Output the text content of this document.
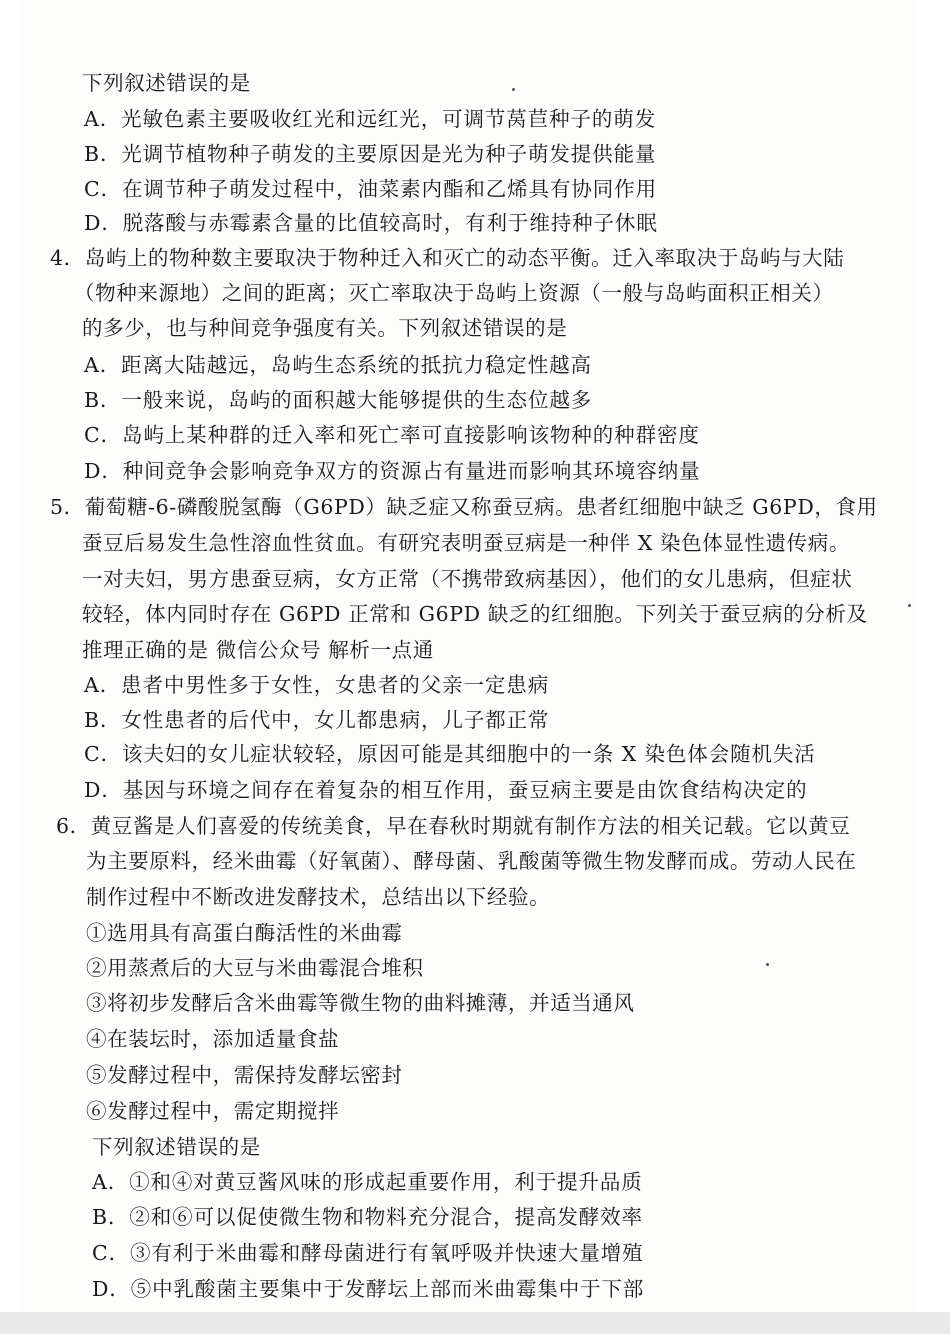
下列叙述错误的是
A．光敏色素主要吸收红光和远红光，可调节莴苣种子的萌发
B．光调节植物种子萌发的主要原因是光为种子萌发提供能量
C．在调节种子萌发过程中，油菜素内酯和乙烯具有协同作用
D．脱落酸与赤霉素含量的比值较高时，有利于维持种子休眠
4．岛屿上的物种数主要取决于物种迁入和灭亡的动态平衡。迁入率取决于岛屿与大陆
（物种来源地）之间的距离；灭亡率取决于岛屿上资源（一般与岛屿面积正相关）
的多少，也与种间竞争强度有关。下列叙述错误的是
A．距离大陆越远，岛屿生态系统的抵抗力稳定性越高
B．一般来说，岛屿的面积越大能够提供的生态位越多
C．岛屿上某种群的迁入率和死亡率可直接影响该物种的种群密度
D．种间竞争会影响竞争双方的资源占有量进而影响其环境容纳量
5．葡萄糖-6-磷酸脱氢酶（G6PD）缺乏症又称蚕豆病。患者红细胞中缺乏 G6PD，食用
蚕豆后易发生急性溶血性贫血。有研究表明蚕豆病是一种伴 X 染色体显性遗传病。
一对夫妇，男方患蚕豆病，女方正常（不携带致病基因），他们的女儿患病，但症状
较轻，体内同时存在 G6PD 正常和 G6PD 缺乏的红细胞。下列关于蚕豆病的分析及
推理正确的是 微信公众号 解析一点通
A．患者中男性多于女性，女患者的父亲一定患病
B．女性患者的后代中，女儿都患病，儿子都正常
C．该夫妇的女儿症状较轻，原因可能是其细胞中的一条 X 染色体会随机失活
D．基因与环境之间存在着复杂的相互作用，蚕豆病主要是由饮食结构决定的
6．黄豆酱是人们喜爱的传统美食，早在春秋时期就有制作方法的相关记载。它以黄豆
为主要原料，经米曲霉（好氧菌）、酵母菌、乳酸菌等微生物发酵而成。劳动人民在
制作过程中不断改进发酵技术，总结出以下经验。
①选用具有高蛋白酶活性的米曲霉
②用蒸煮后的大豆与米曲霉混合堆积
③将初步发酵后含米曲霉等微生物的曲料摊薄，并适当通风
④在装坛时，添加适量食盐
⑤发酵过程中，需保持发酵坛密封
⑥发酵过程中，需定期搅拌
下列叙述错误的是
A．①和④对黄豆酱风味的形成起重要作用，利于提升品质
B．②和⑥可以促使微生物和物料充分混合，提高发酵效率
C．③有利于米曲霉和酵母菌进行有氧呼吸并快速大量增殖
D．⑤中乳酸菌主要集中于发酵坛上部而米曲霉集中于下部
